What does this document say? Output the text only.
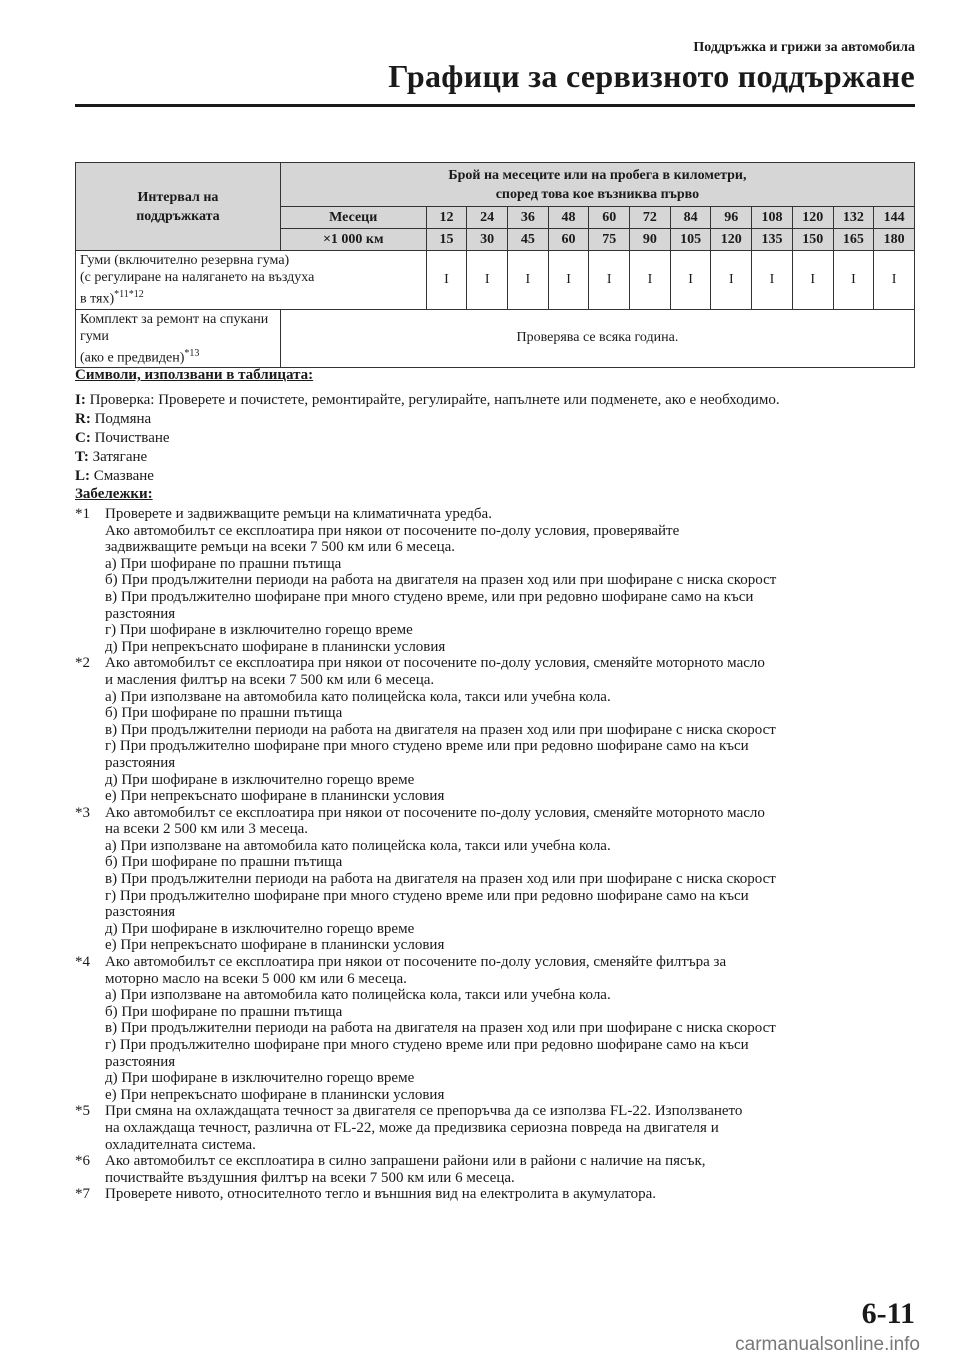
Поддръжка и грижи за автомобила
Графици за сервизното поддържане
Интервал на поддръжката	Брой на месеците или на пробега в километри, според това кое възниква първо												
	Месеци	12	24	36	48	60	72	84	96	108	120	132	144
	×1 000 км	15	30	45	60	75	90	105	120	135	150	165	180
Гуми (включително резервна гума)
(с регулиране на налягането на въздуха
в тях)$^{*11*12}$		I	I	I	I	I	I	I	I	I	I	I	I
Комплект за ремонт на спукани гуми
(ако е предвиден)$^{*13}$	Проверява се всяка година.												
Символи, използвани в таблицата:
I: Проверка: Проверете и почистете, ремонтирайте, регулирайте, напълнете или подменете, ако е необходимо.
R: Подмяна
C: Почистване
T: Затягане
L: Смазване
Забележки:
*1	Проверете и задвижващите ремъци на климатичната уредба.
Ако автомобилът се експлоатира при някои от посочените по-долу условия, проверявайте
задвижващите ремъци на всеки 7 500 км или 6 месеца.
а) При шофиране по прашни пътища
б) При продължителни периоди на работа на двигателя на празен ход или при шофиране с ниска скорост
в) При продължително шофиране при много студено време, или при редовно шофиране само на къси
разстояния
г) При шофиране в изключително горещо време
д) При непрекъснато шофиране в планински условия
*2	Ако автомобилът се експлоатира при някои от посочените по-долу условия, сменяйте моторното масло
и масления филтър на всеки 7 500 км или 6 месеца.
а) При използване на автомобила като полицейска кола, такси или учебна кола.
б) При шофиране по прашни пътища
в) При продължителни периоди на работа на двигателя на празен ход или при шофиране с ниска скорост
г) При продължително шофиране при много студено време или при редовно шофиране само на къси
разстояния
д) При шофиране в изключително горещо време
е) При непрекъснато шофиране в планински условия
*3	Ако автомобилът се експлоатира при някои от посочените по-долу условия, сменяйте моторното масло
на всеки 2 500 км или 3 месеца.
а) При използване на автомобила като полицейска кола, такси или учебна кола.
б) При шофиране по прашни пътища
в) При продължителни периоди на работа на двигателя на празен ход или при шофиране с ниска скорост
г) При продължително шофиране при много студено време или при редовно шофиране само на къси
разстояния
д) При шофиране в изключително горещо време
е) При непрекъснато шофиране в планински условия
*4	Ако автомобилът се експлоатира при някои от посочените по-долу условия, сменяйте филтъра за
моторно масло на всеки 5 000 км или 6 месеца.
а) При използване на автомобила като полицейска кола, такси или учебна кола.
б) При шофиране по прашни пътища
в) При продължителни периоди на работа на двигателя на празен ход или при шофиране с ниска скорост
г) При продължително шофиране при много студено време или при редовно шофиране само на къси
разстояния
д) При шофиране в изключително горещо време
е) При непрекъснато шофиране в планински условия
*5	При смяна на охлаждащата течност за двигателя се препоръчва да се използва FL-22. Използването
на охлаждаща течност, различна от FL-22, може да предизвика сериозна повреда на двигателя и
охладителната система.
*6	Ако автомобилът се експлоатира в силно запрашени райони или в райони с наличие на пясък,
почиствайте въздушния филтър на всеки 7 500 км или 6 месеца.
*7	Проверете нивото, относителното тегло и външния вид на електролита в акумулатора.
6-11
carmanualsonline.info
